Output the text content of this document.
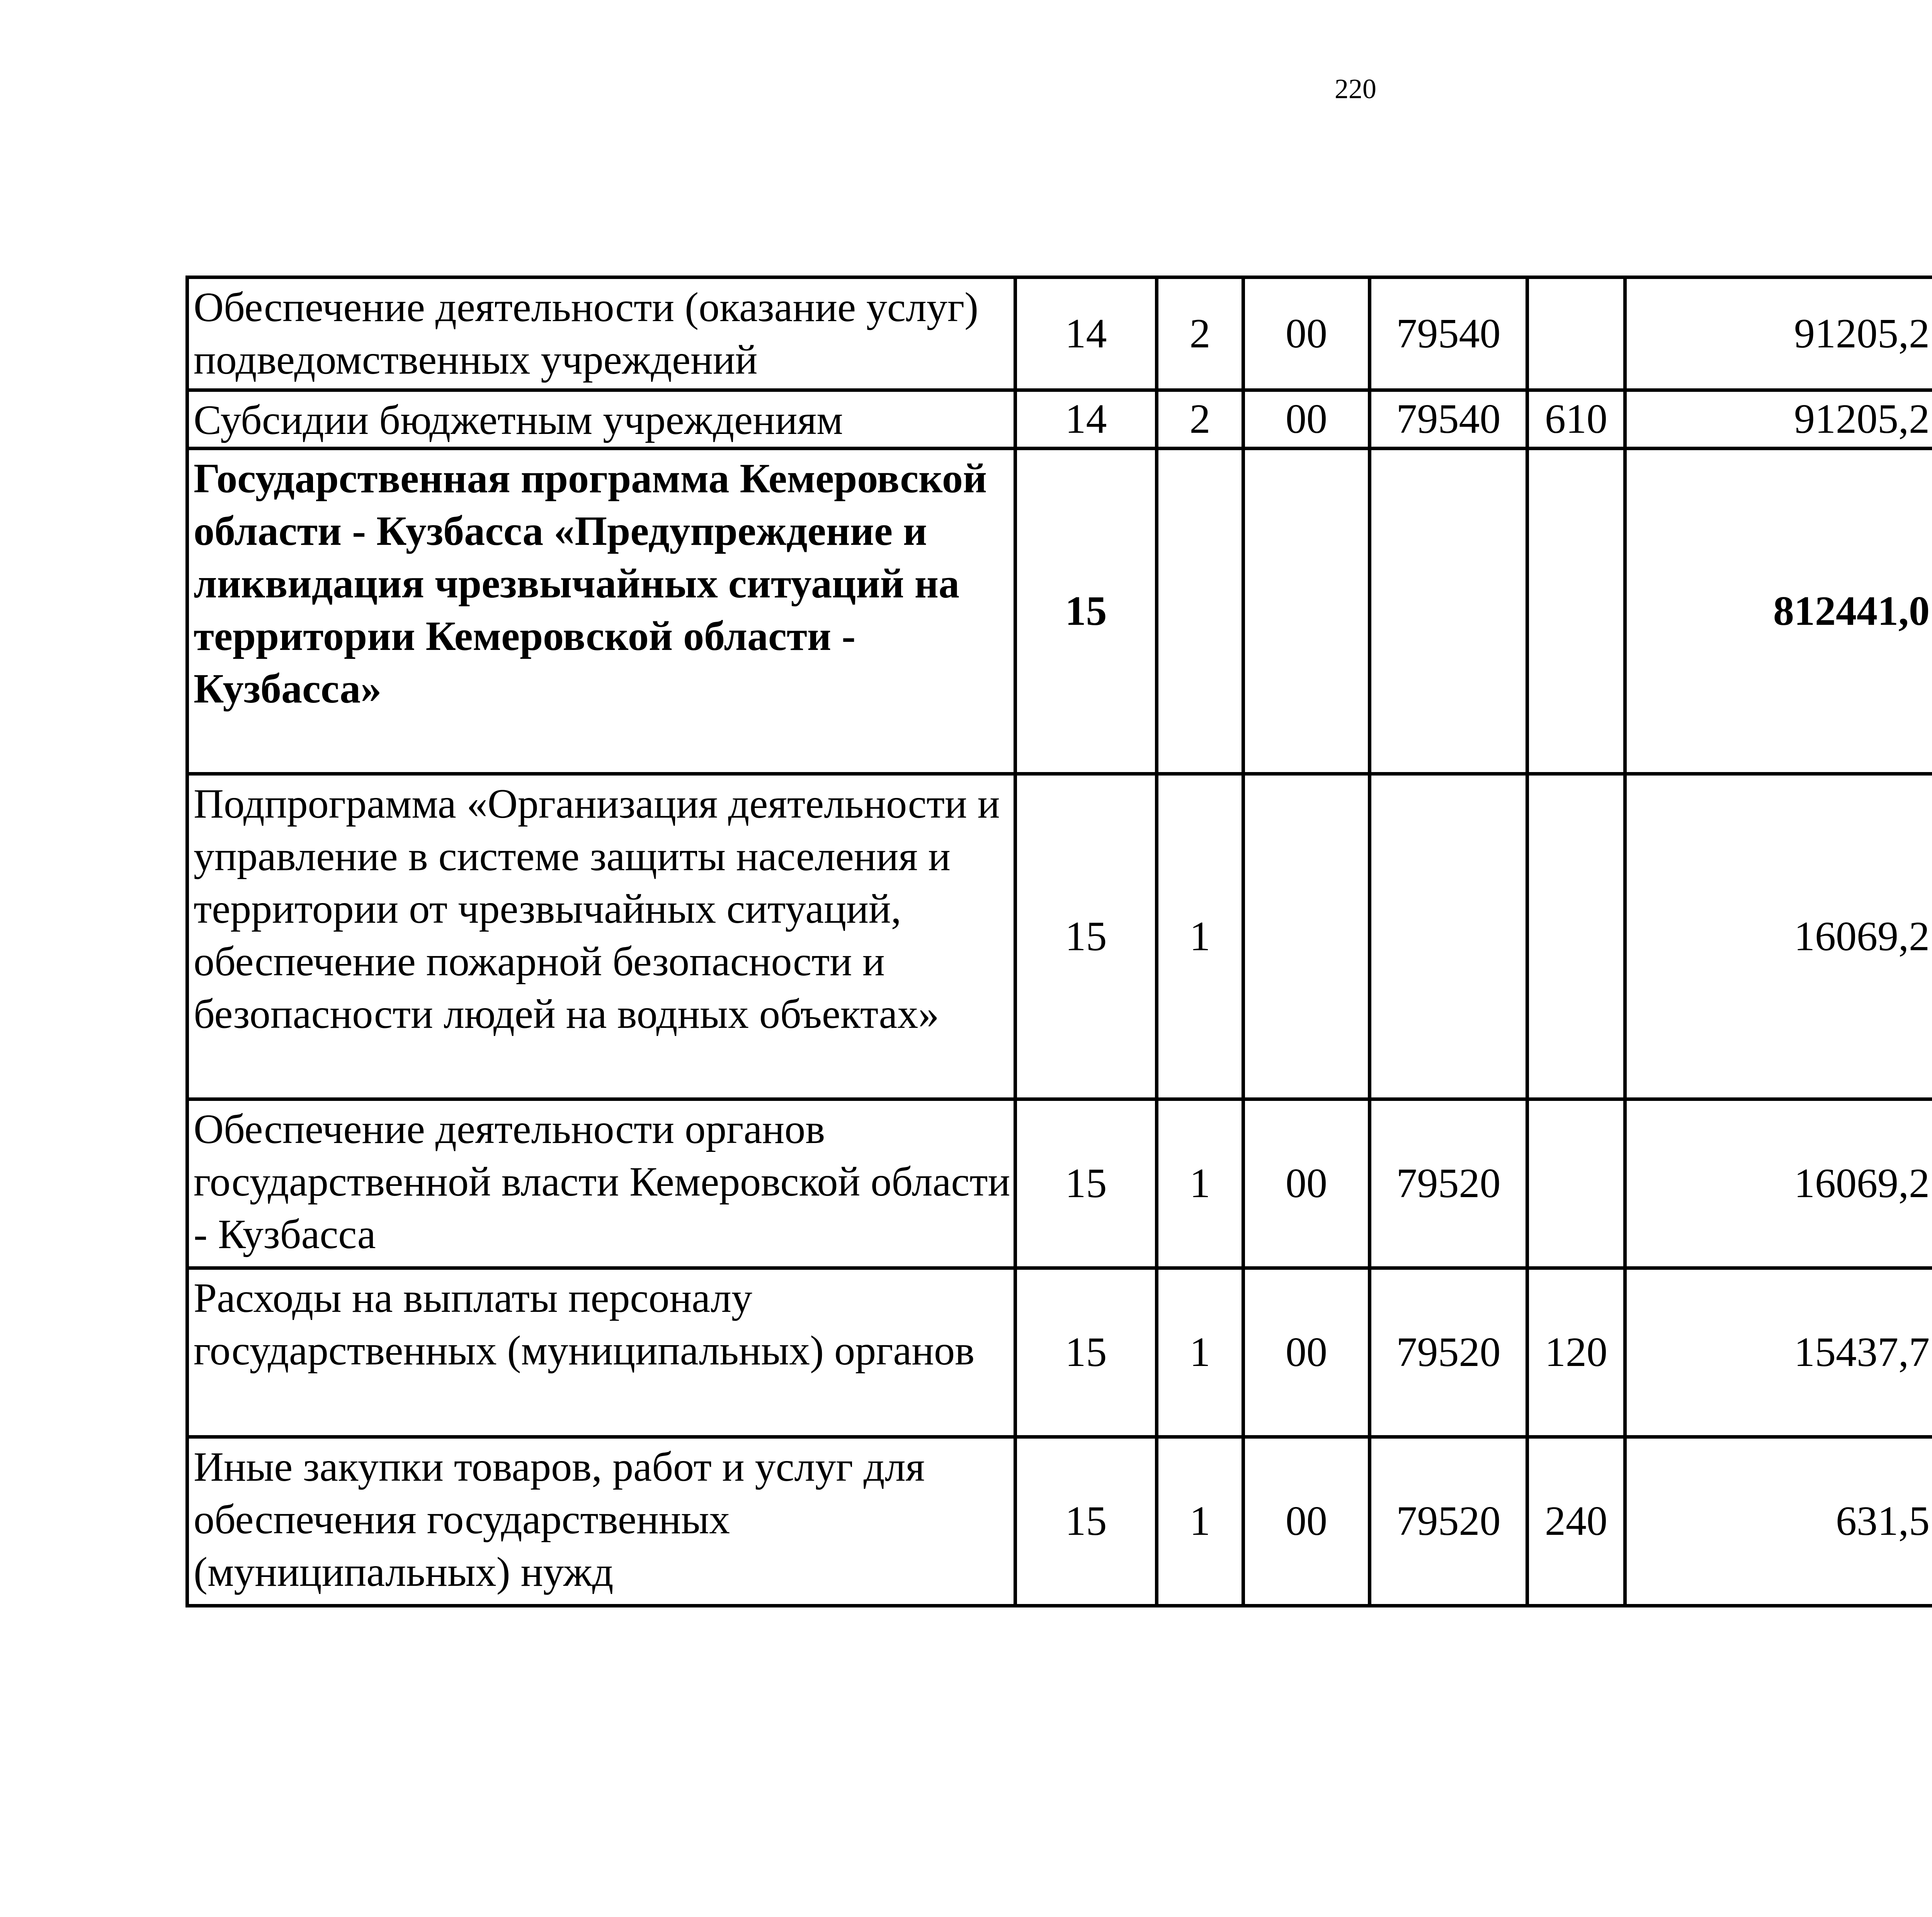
220
Обеспечение деятельности (оказание услуг) подведомственных учреждений	14	2	00	79540		91205,2		
Субсидии бюджетным учреждениям	14	2	00	79540	610	91205,2		
Государственная программа Кемеровской области - Кузбасса «Предупреждение и ликвидация чрезвычайных ситуаций на территории Кемеровской области - Кузбасса»	15					812441,0		
Подпрограмма «Организация деятельности и управление в системе защиты населения и территории от чрезвычайных ситуаций, обеспечение пожарной безопасности и безопасности людей на водных объектах»	15	1				16069,2		
Обеспечение деятельности органов государственной власти Кемеровской области - Кузбасса	15	1	00	79520		16069,2		
Расходы на выплаты персоналу государственных (муниципальных) органов	15	1	00	79520	120	15437,7		
Иные закупки товаров, работ и услуг для обеспечения государственных (муниципальных) нужд	15	1	00	79520	240	631,5		
